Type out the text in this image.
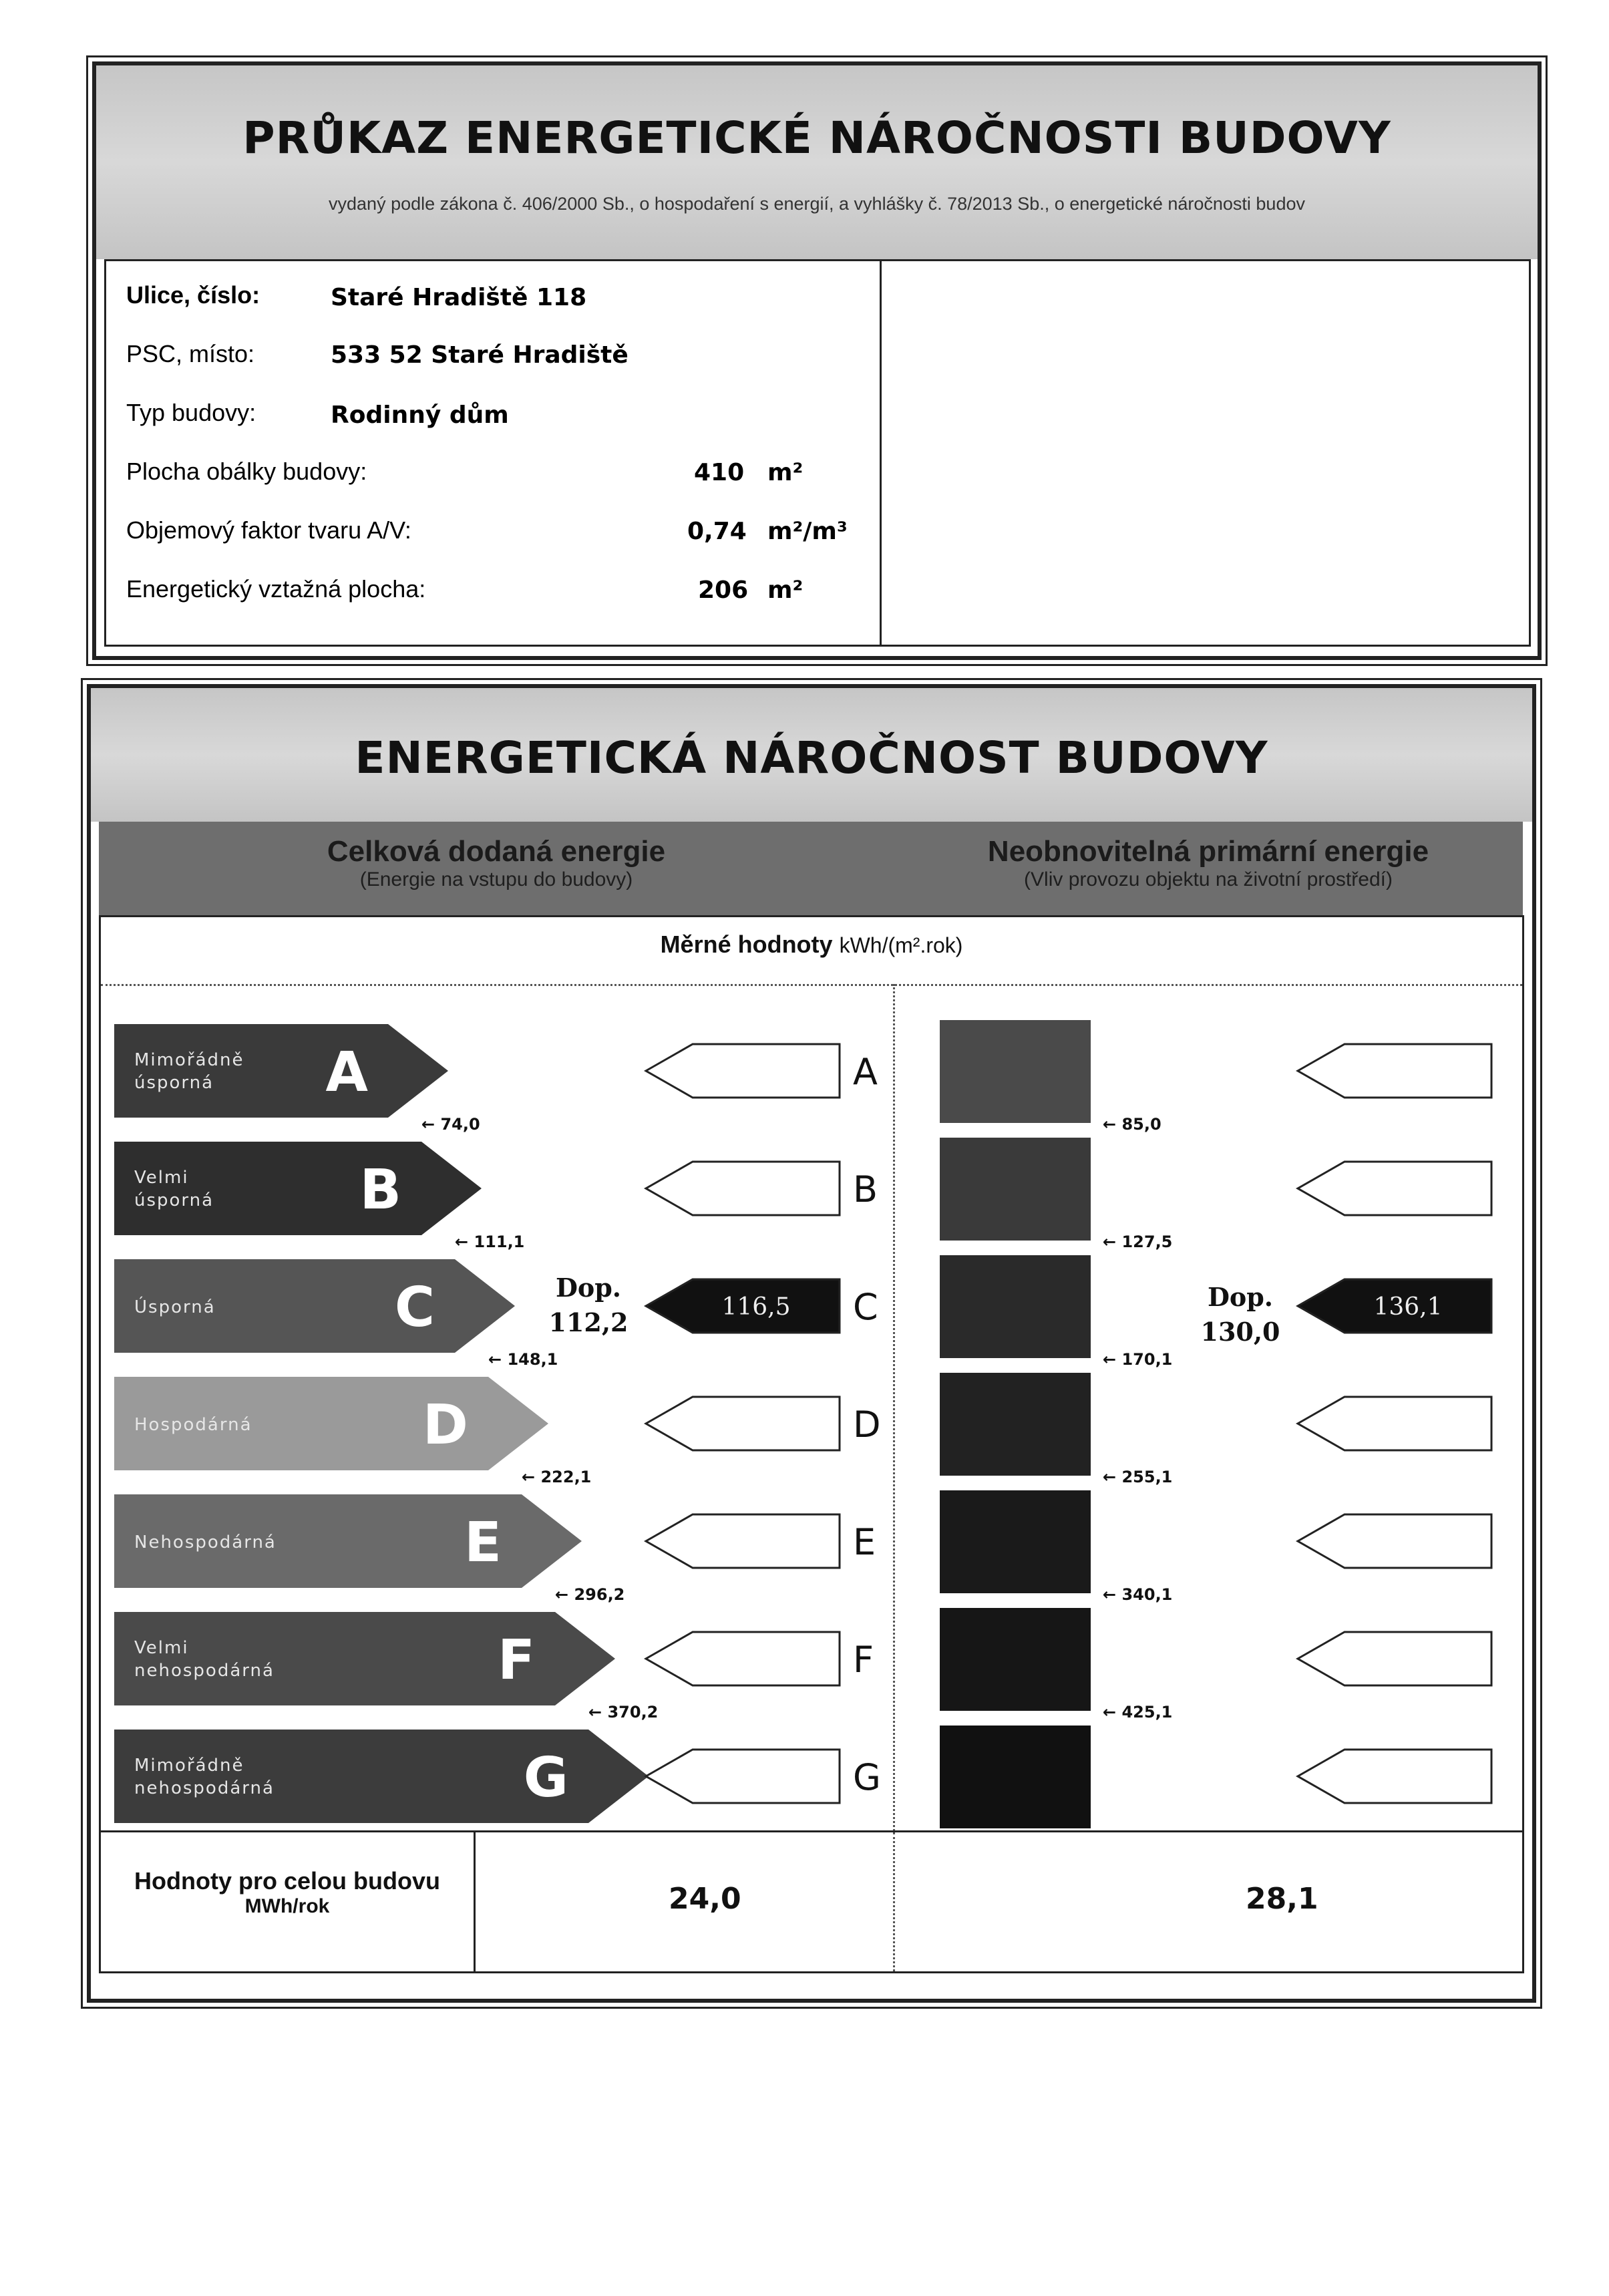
PRŮKAZ ENERGETICKÉ NÁROČNOSTI BUDOVY
vydaný podle zákona č. 406/2000 Sb., o hospodaření s energií, a vyhlášky č. 78/2013 Sb., o energetické náročnosti budov
Ulice, číslo:	Staré Hradiště 118
PSC, místo:	533 52 Staré Hradiště
Typ budovy:	Rodinný dům
Plocha obálky budovy:	410 m²
Objemový faktor tvaru A/V:	0,74 m²/m³
Energetický vztažná plocha:	206 m²
ENERGETICKÁ NÁROČNOST BUDOVY
Celková dodaná energie
(Energie na vstupu do budovy)
Neobnovitelná primární energie
(Vliv provozu objektu na životní prostředí)
Měrné hodnoty kWh/(m².rok)
Mimořádně
úsporná A	A
Velmi
úsporná	B	B
Úsporná	C	116,5 C	136,1
Hospodárná	D	D
Nehospodárná	E	E
Velmi
nehospodárná	F	F
Mimořádně
nehospodárná	G	G
← 74,0
← 111,1
← 148,1
← 222,1
← 296,2
← 370,2
← 85,0
← 127,5
← 170,1
← 255,1
← 340,1
← 425,1
Dop.
112,2
Dop.
130,0
Hodnoty pro celou budovu
MWh/rok	24,0	28,1
